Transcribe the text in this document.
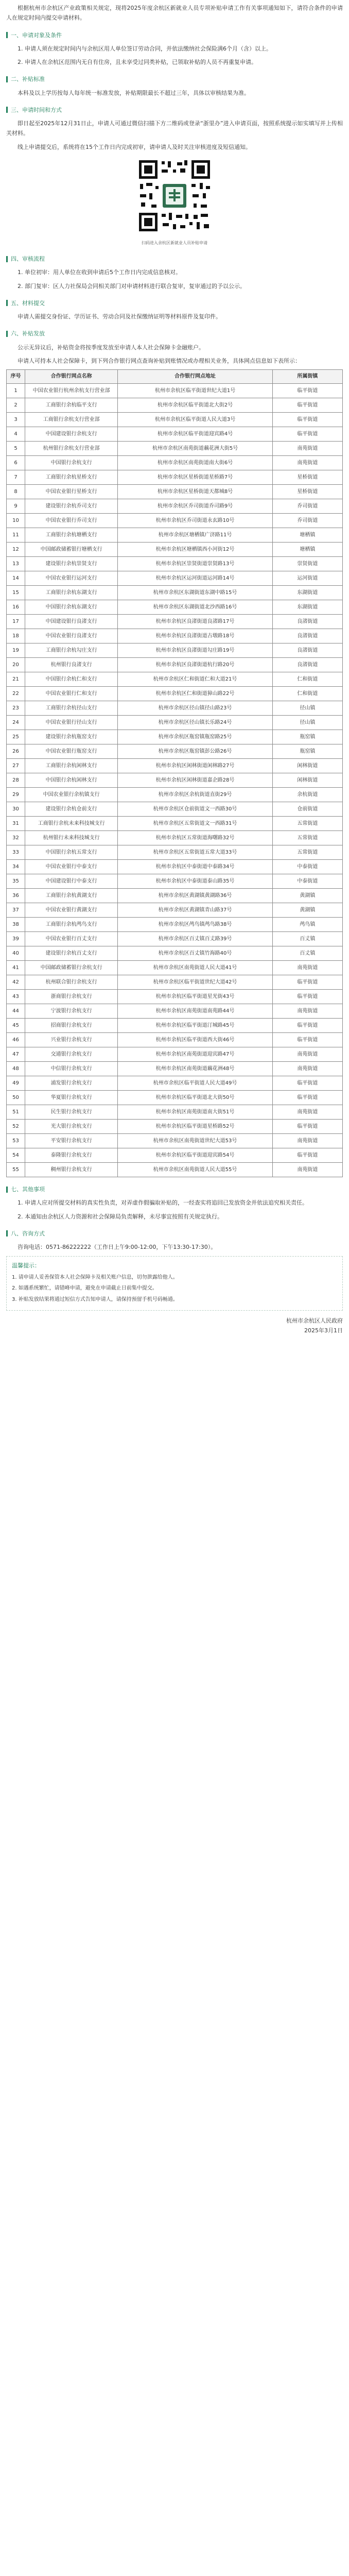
根据杭州市余杭区产业政策相关规定，现将2025年度余杭区新就业人员专项补贴申请工作有关事项通知如下，请符合条件的申请人在规定时间内提交申请材料。

一、申请对象及条件

1. 申请人须在规定时间内与余杭区用人单位签订劳动合同，并依法缴纳社会保险满6个月（含）以上。

2. 申请人在余杭区范围内无自有住房，且未享受过同类补贴，已领取补贴的人员不再重复申请。

二、补贴标准

本科及以上学历按每人每年统一标准发放，补贴期限最长不超过三年，具体以审核结果为准。

三、申请时间和方式

即日起至2025年12月31日止，申请人可通过微信扫描下方二维码或登录“浙里办”进入申请页面，按照系统提示如实填写并上传相关材料。

线上申请提交后，系统将在15个工作日内完成初审，请申请人及时关注审核进度及短信通知。

扫码进入余杭区新就业人员补贴申请

四、审核流程

1. 单位初审：用人单位在收到申请后5个工作日内完成信息核对。

2. 部门复审：区人力社保局会同相关部门对申请材料进行联合复审，复审通过的予以公示。

五、材料提交

申请人需提交身份证、学历证书、劳动合同及社保缴纳证明等材料原件及复印件。

六、补贴发放

公示无异议后，补贴资金将按季度发放至申请人本人社会保障卡金融账户。

申请人可持本人社会保障卡，到下列合作银行网点查询补贴到账情况或办理相关业务，具体网点信息如下表所示：

序号	合作银行网点名称	合作银行网点地址	所属街镇
1	中国农业银行杭州余杭支行营业部	杭州市余杭区临平街道世纪大道1号	临平街道
2	工商银行余杭临平支行	杭州市余杭区临平街道北大街2号	临平街道
3	工商银行余杭支行营业部	杭州市余杭区临平街道人民大道3号	临平街道
4	中国建设银行余杭支行	杭州市余杭区临平街道迎宾路4号	临平街道
5	杭州银行余杭支行营业部	杭州市余杭区南苑街道藕花洲大街5号	南苑街道
6	中国银行余杭支行	杭州市余杭区南苑街道南大街6号	南苑街道
7	工商银行余杭星桥支行	杭州市余杭区星桥街道星桥路7号	星桥街道
8	中国农业银行星桥支行	杭州市余杭区星桥街道天都城8号	星桥街道
9	建设银行余杭乔司支行	杭州市余杭区乔司街道乔司路9号	乔司街道
10	中国农业银行乔司支行	杭州市余杭区乔司街道永玄路10号	乔司街道
11	工商银行余杭塘栖支行	杭州市余杭区塘栖镇广济路11号	塘栖镇
12	中国邮政储蓄银行塘栖支行	杭州市余杭区塘栖镇西小河街12号	塘栖镇
13	建设银行余杭崇贤支行	杭州市余杭区崇贤街道崇贤路13号	崇贤街道
14	中国农业银行运河支行	杭州市余杭区运河街道运河路14号	运河街道
15	工商银行余杭东湖支行	杭州市余杭区东湖街道东湖中路15号	东湖街道
16	中国银行余杭东湖支行	杭州市余杭区东湖街道北沙西路16号	东湖街道
17	中国建设银行良渚支行	杭州市余杭区良渚街道良渚路17号	良渚街道
18	中国农业银行良渚支行	杭州市余杭区良渚街道古墩路18号	良渚街道
19	工商银行余杭勾庄支行	杭州市余杭区良渚街道勾庄路19号	良渚街道
20	杭州银行良渚支行	杭州市余杭区良渚街道杭行路20号	良渚街道
21	中国银行余杭仁和支行	杭州市余杭区仁和街道仁和大道21号	仁和街道
22	中国农业银行仁和支行	杭州市余杭区仁和街道獐山路22号	仁和街道
23	工商银行余杭径山支行	杭州市余杭区径山镇径山路23号	径山镇
24	中国农业银行径山支行	杭州市余杭区径山镇长乐路24号	径山镇
25	建设银行余杭瓶窑支行	杭州市余杭区瓶窑镇瓶窑路25号	瓶窑镇
26	中国农业银行瓶窑支行	杭州市余杭区瓶窑镇彭公路26号	瓶窑镇
27	工商银行余杭闲林支行	杭州市余杭区闲林街道闲林路27号	闲林街道
28	中国银行余杭闲林支行	杭州市余杭区闲林街道嘉企路28号	闲林街道
29	中国农业银行余杭镇支行	杭州市余杭区余杭街道直街29号	余杭街道
30	建设银行余杭仓前支行	杭州市余杭区仓前街道文一西路30号	仓前街道
31	工商银行余杭未来科技城支行	杭州市余杭区五常街道文一西路31号	五常街道
32	杭州银行未来科技城支行	杭州市余杭区五常街道海曙路32号	五常街道
33	中国银行余杭五常支行	杭州市余杭区五常街道五常大道33号	五常街道
34	中国农业银行中泰支行	杭州市余杭区中泰街道中泰路34号	中泰街道
35	中国建设银行中泰支行	杭州市余杭区中泰街道泰山路35号	中泰街道
36	工商银行余杭黄湖支行	杭州市余杭区黄湖镇黄湖路36号	黄湖镇
37	中国农业银行黄湖支行	杭州市余杭区黄湖镇青山路37号	黄湖镇
38	工商银行余杭鸬鸟支行	杭州市余杭区鸬鸟镇鸬鸟路38号	鸬鸟镇
39	中国农业银行百丈支行	杭州市余杭区百丈镇百丈路39号	百丈镇
40	建设银行余杭百丈支行	杭州市余杭区百丈镇竹海路40号	百丈镇
41	中国邮政储蓄银行余杭支行	杭州市余杭区南苑街道人民大道41号	南苑街道
42	杭州联合银行余杭支行	杭州市余杭区临平街道世纪大道42号	临平街道
43	浙商银行余杭支行	杭州市余杭区临平街道星光街43号	临平街道
44	宁波银行余杭支行	杭州市余杭区南苑街道南苑路44号	南苑街道
45	招商银行余杭支行	杭州市余杭区临平街道汀城路45号	临平街道
46	兴业银行余杭支行	杭州市余杭区临平街道西大街46号	临平街道
47	交通银行余杭支行	杭州市余杭区南苑街道迎宾路47号	南苑街道
48	中信银行余杭支行	杭州市余杭区南苑街道藕花洲48号	南苑街道
49	浦发银行余杭支行	杭州市余杭区临平街道人民大道49号	临平街道
50	华夏银行余杭支行	杭州市余杭区临平街道北大街50号	临平街道
51	民生银行余杭支行	杭州市余杭区南苑街道南大街51号	南苑街道
52	光大银行余杭支行	杭州市余杭区临平街道星桥路52号	临平街道
53	平安银行余杭支行	杭州市余杭区南苑街道世纪大道53号	南苑街道
54	泰隆银行余杭支行	杭州市余杭区临平街道迎宾路54号	临平街道
55	稠州银行余杭支行	杭州市余杭区南苑街道人民大道55号	南苑街道
七、其他事项

1. 申请人应对所提交材料的真实性负责，对弄虚作假骗取补贴的，一经查实将追回已发放资金并依法追究相关责任。

2. 本通知由余杭区人力资源和社会保障局负责解释，未尽事宜按照有关规定执行。

八、咨询方式

咨询电话：0571-86222222（工作日上午9:00-12:00，下午13:30-17:30）。

温馨提示：

1. 请申请人妥善保管本人社会保障卡及相关账户信息，切勿泄露给他人。

2. 如遇系统繁忙，请错峰申请，避免在申请截止日前集中提交。

3. 补贴发放结果将通过短信方式告知申请人，请保持预留手机号码畅通。

杭州市余杭区人民政府
2025年3月1日
